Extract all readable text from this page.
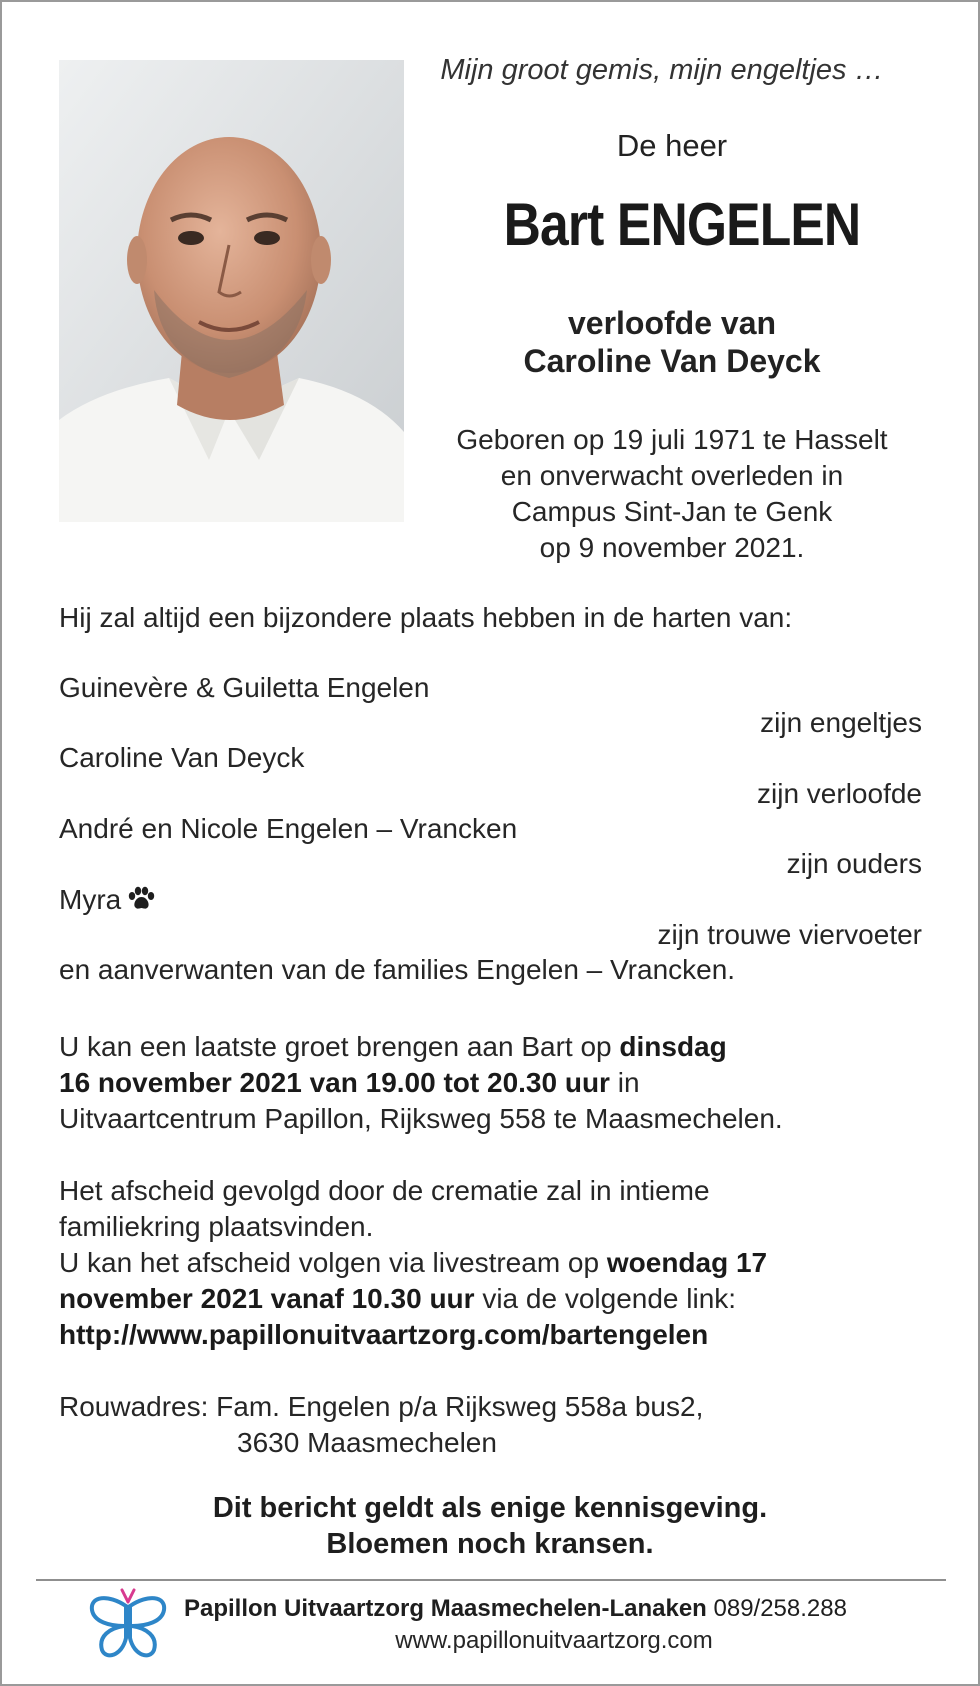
Mijn groot gemis, mijn engeltjes …
De heer
Bart ENGELEN
verloofde van
Caroline Van Deyck
Geboren op 19 juli 1971 te Hasselt
en onverwacht overleden in
Campus Sint-Jan te Genk
op 9 november 2021.
Hij zal altijd een bijzondere plaats hebben in de harten van:
Guinevère & Guiletta Engelen
zijn engeltjes
Caroline Van Deyck
zijn verloofde
André en Nicole Engelen – Vrancken
zijn ouders
Myra
zijn trouwe viervoeter
en aanverwanten van de families Engelen – Vrancken.
U kan een laatste groet brengen aan Bart op dinsdag
16 november 2021 van 19.00 tot 20.30 uur in
Uitvaartcentrum Papillon, Rijksweg 558 te Maasmechelen.
Het afscheid gevolgd door de crematie zal in intieme
familiekring plaatsvinden.
U kan het afscheid volgen via livestream op woendag 17
november 2021 vanaf 10.30 uur via de volgende link:
http://www.papillonuitvaartzorg.com/bartengelen
Rouwadres: Fam. Engelen p/a Rijksweg 558a bus2,
3630 Maasmechelen
Dit bericht geldt als enige kennisgeving.
Bloemen noch kransen.
Papillon Uitvaartzorg Maasmechelen-Lanaken 089/258.288
www.papillonuitvaartzorg.com
